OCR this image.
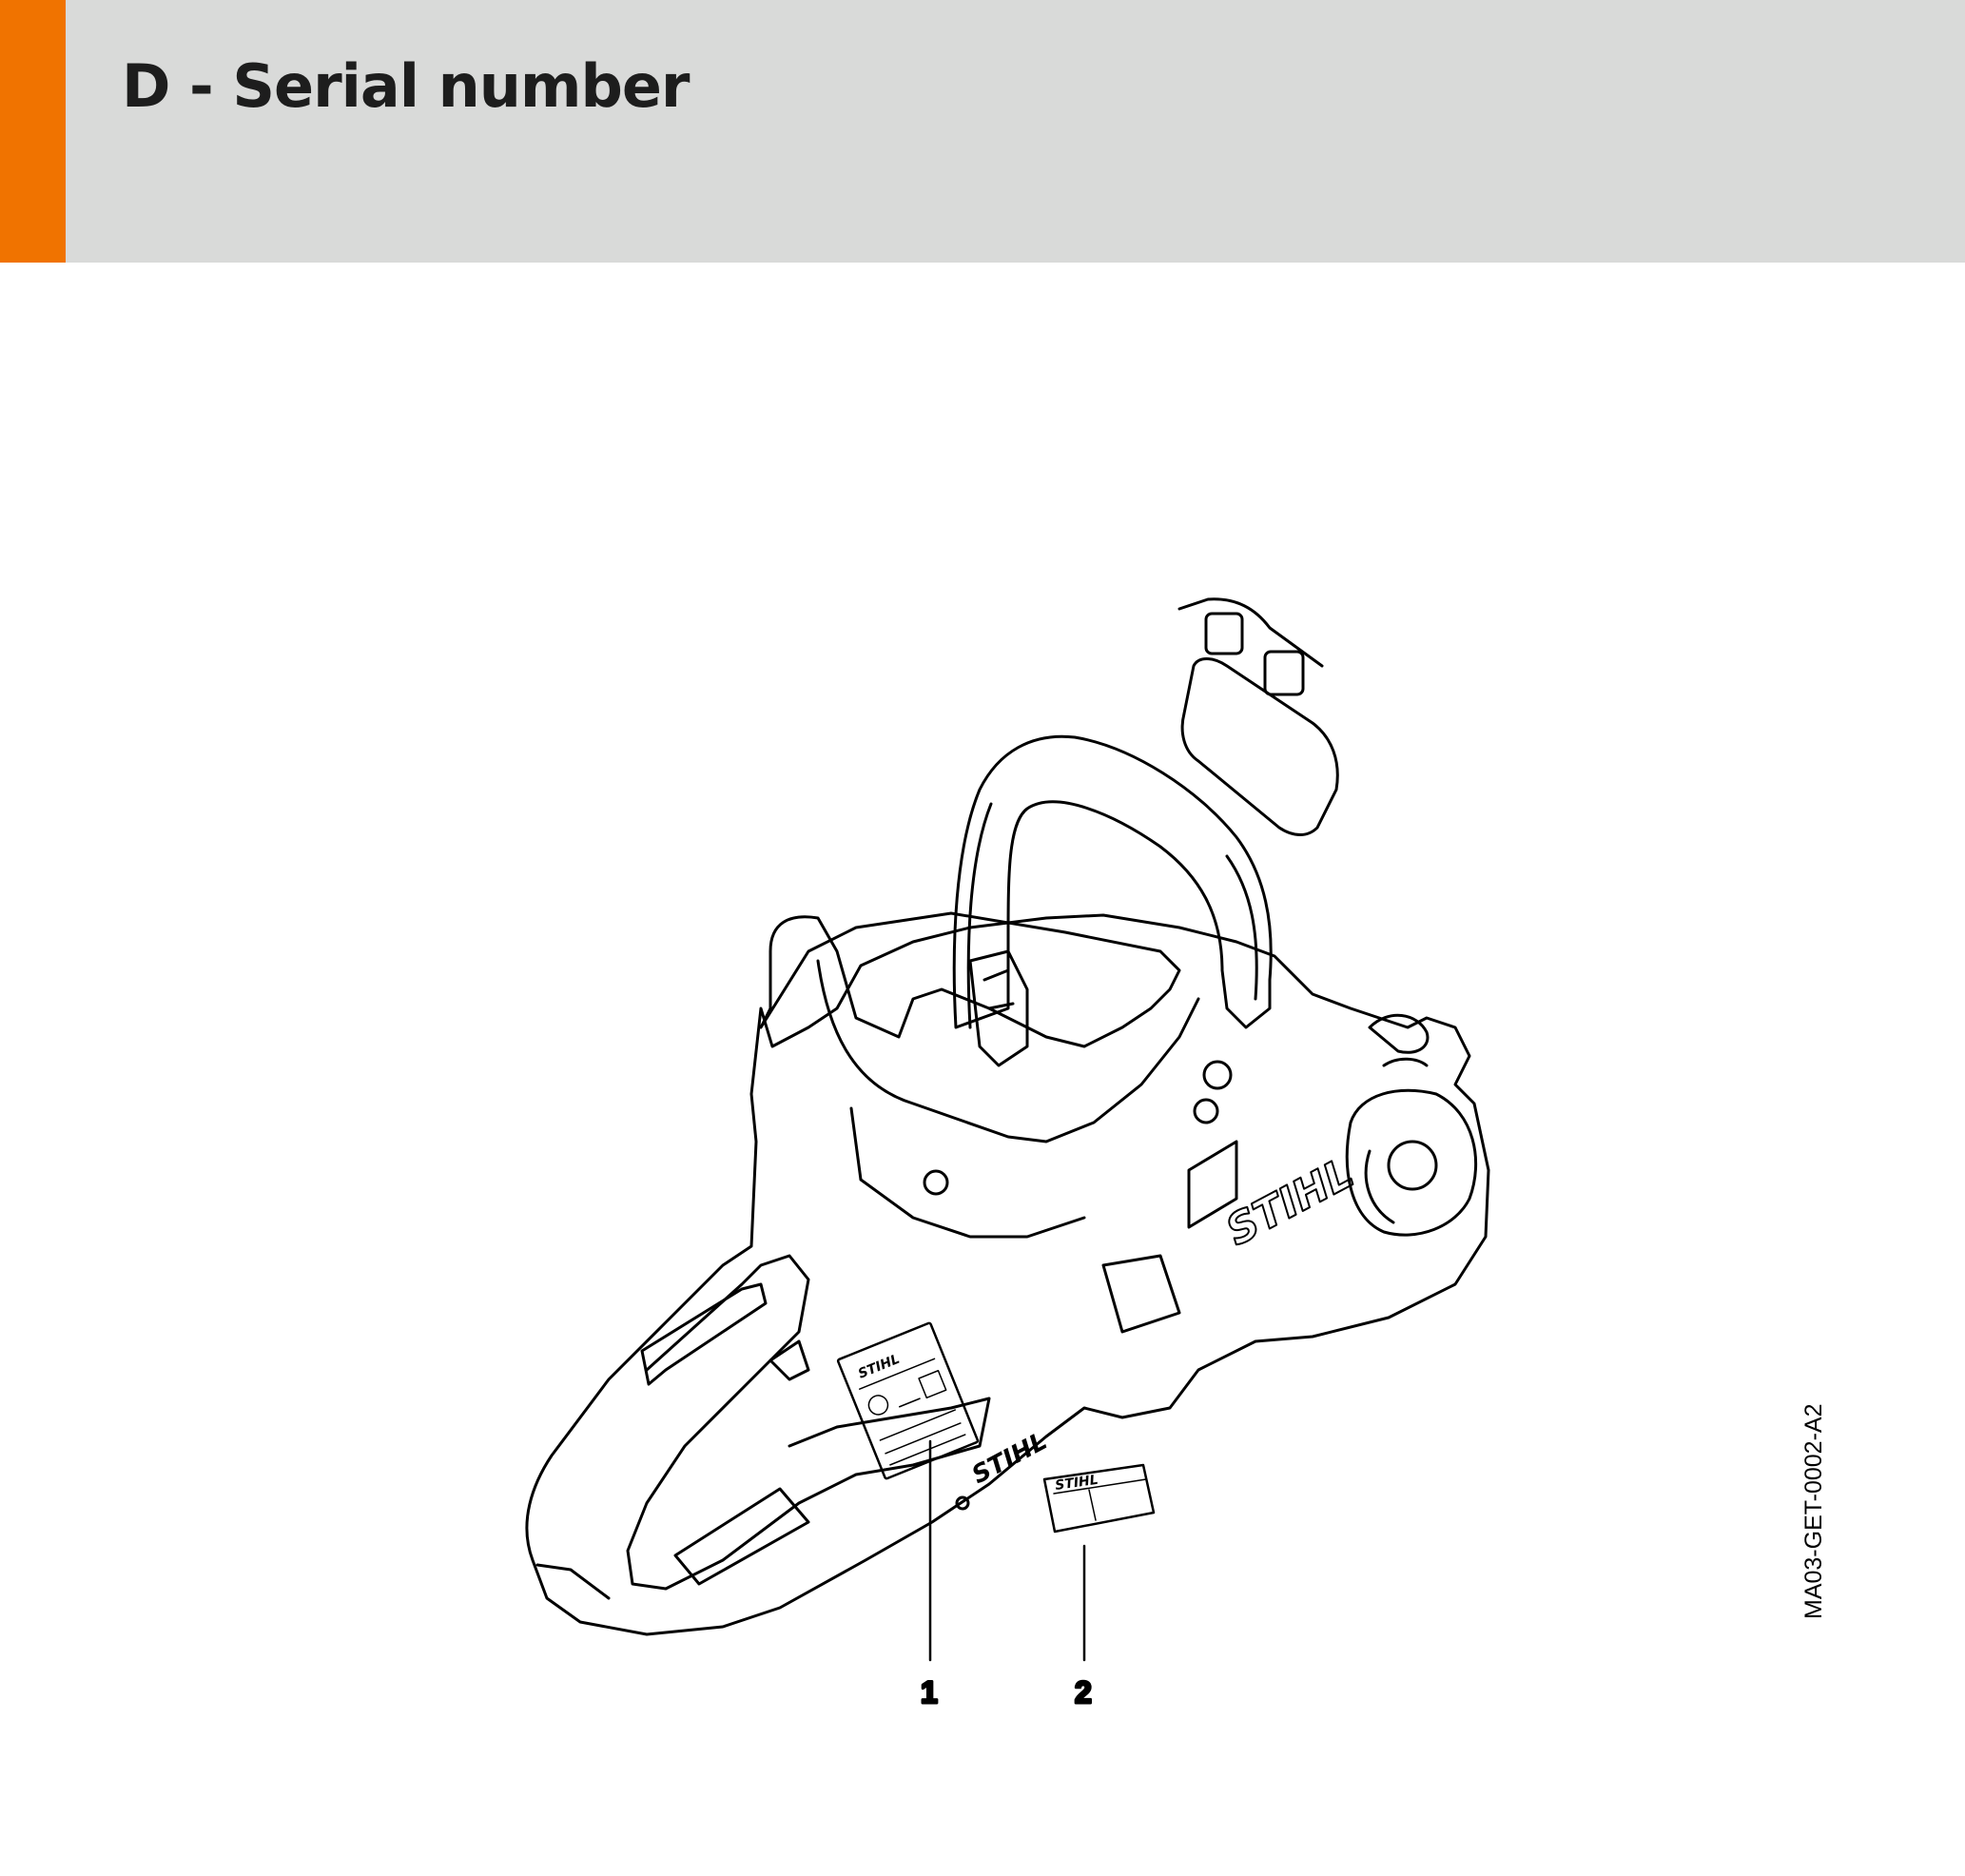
D - Serial number
STIHL
STIHL
STIHL
STIHL
1	2
MA03-GET-0002-A2
